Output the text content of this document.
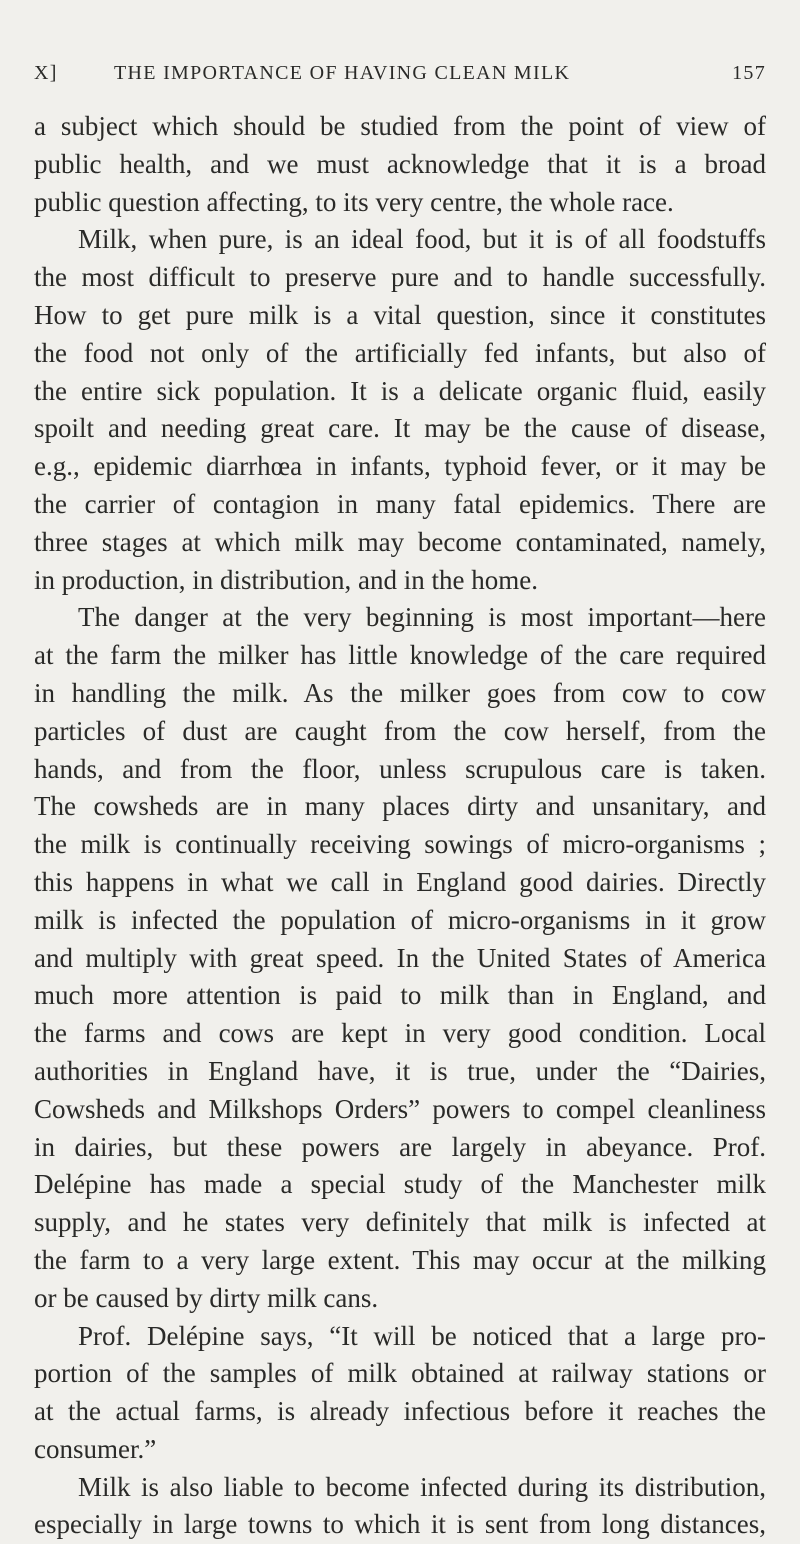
X]	THE IMPORTANCE OF HAVING CLEAN MILK	157

a subject which should be studied from the point of view of
public health, and we must acknowledge that it is a broad
public question affecting, to its very centre, the whole race.

Milk, when pure, is an ideal food, but it is of all foodstuffs
the most difficult to preserve pure and to handle successfully.
How to get pure milk is a vital question, since it constitutes
the food not only of the artificially fed infants, but also of
the entire sick population. It is a delicate organic fluid, easily
spoilt and needing great care. It may be the cause of disease,
e.g., epidemic diarrhœa in infants, typhoid fever, or it may be
the carrier of contagion in many fatal epidemics. There are
three stages at which milk may become contaminated, namely,
in production, in distribution, and in the home.

The danger at the very beginning is most important—here
at the farm the milker has little knowledge of the care required
in handling the milk. As the milker goes from cow to cow
particles of dust are caught from the cow herself, from the
hands, and from the floor, unless scrupulous care is taken.
The cowsheds are in many places dirty and unsanitary, and
the milk is continually receiving sowings of micro-organisms ;
this happens in what we call in England good dairies. Directly
milk is infected the population of micro-organisms in it grow
and multiply with great speed. In the United States of America
much more attention is paid to milk than in England, and
the farms and cows are kept in very good condition. Local
authorities in England have, it is true, under the “Dairies,
Cowsheds and Milkshops Orders” powers to compel cleanliness
in dairies, but these powers are largely in abeyance. Prof.
Delépine has made a special study of the Manchester milk
supply, and he states very definitely that milk is infected at
the farm to a very large extent. This may occur at the milking
or be caused by dirty milk cans.

Prof. Delépine says, “It will be noticed that a large pro-
portion of the samples of milk obtained at railway stations or
at the actual farms, is already infectious before it reaches the
consumer.”

Milk is also liable to become infected during its distribution,
especially in large towns to which it is sent from long distances,
